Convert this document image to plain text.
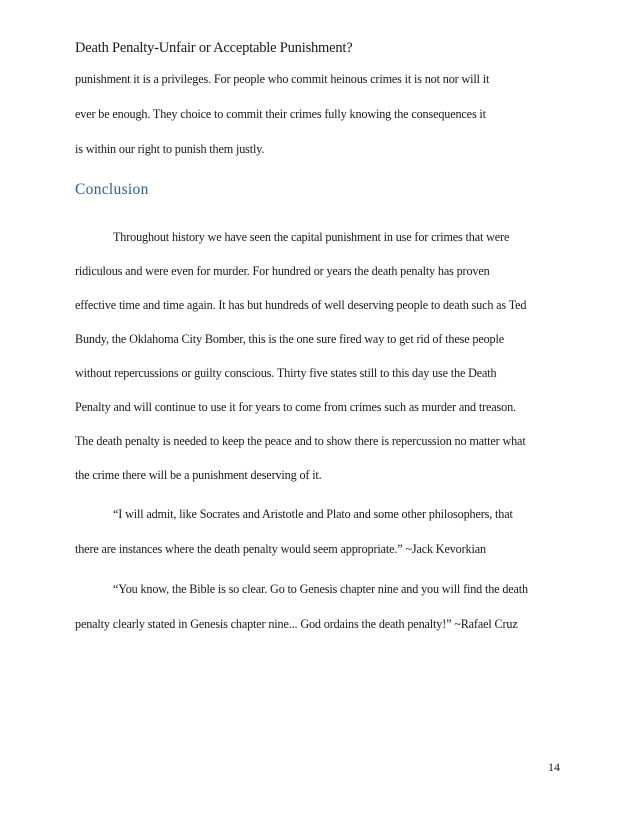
Death Penalty-Unfair or Acceptable Punishment?
punishment it is a privileges. For people who commit heinous crimes it is not nor will it
ever be enough. They choice to commit their crimes fully knowing the consequences it
is within our right to punish them justly.
Conclusion
Throughout history we have seen the capital punishment in use for crimes that were
ridiculous and were even for murder. For hundred or years the death penalty has proven
effective time and time again. It has but hundreds of well deserving people to death such as Ted
Bundy, the Oklahoma City Bomber, this is the one sure fired way to get rid of these people
without repercussions or guilty conscious. Thirty five states still to this day use the Death
Penalty and will continue to use it for years to come from crimes such as murder and treason.
The death penalty is needed to keep the peace and to show there is repercussion no matter what
the crime there will be a punishment deserving of it.
“I will admit, like Socrates and Aristotle and Plato and some other philosophers, that
there are instances where the death penalty would seem appropriate.” ~Jack Kevorkian
“You know, the Bible is so clear. Go to Genesis chapter nine and you will find the death
penalty clearly stated in Genesis chapter nine... God ordains the death penalty!” ~Rafael Cruz
14
